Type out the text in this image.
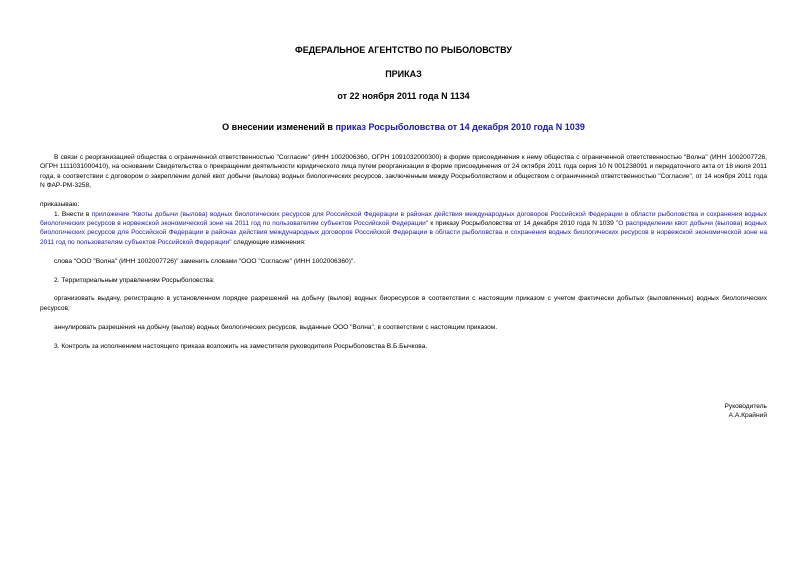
ФЕДЕРАЛЬНОЕ АГЕНТСТВО ПО РЫБОЛОВСТВУ
ПРИКАЗ
от 22 ноября 2011 года N 1134
О внесении изменений в приказ Росрыболовства от 14 декабря 2010 года N 1039

В связи с реорганизацией общества с ограниченной ответственностью "Согласие" (ИНН 1002006360, ОГРН 1091032000300) в форме присоединения к нему общества с ограниченной ответственностью "Волна" (ИНН 1002007726, ОГРН 1111031000410), на основании Свидетельства о прекращении деятельности юридического лица путем реорганизации в форме присоединения от 24 октября 2011 года серия 10 N 001238091 и передаточного акта от 18 июля 2011 года, в соответствии с договором о закреплении долей квот добычи (вылова) водных биологических ресурсов, заключенным между Росрыболовством и обществом с ограниченной ответственностью "Согласие", от 14 ноября 2011 года N ФАР-РМ-3258,

приказываю:

1. Внести в приложение "Квоты добычи (вылова) водных биологических ресурсов для Российской Федерации в районах действия международных договоров Российской Федерации в области рыболовства и сохранения водных биологических ресурсов в норвежской экономической зоне на 2011 год по пользователям субъектов Российской Федерации" к приказу Росрыболовства от 14 декабря 2010 года N 1039 "О распределении квот добычи (вылова) водных биологических ресурсов для Российской Федерации в районах действия международных договоров Российской Федерации в области рыболовства и сохранения водных биологических ресурсов в норвежской экономической зоне на 2011 год по пользователям субъектов Российской Федерации" следующие изменения:

слова "ООО "Волна" (ИНН 1002007726)" заменить словами "ООО "Согласие" (ИНН 1002006360)".

2. Территориальным управлениям Росрыболовства:

организовать выдачу, регистрацию в установленном порядке разрешений на добычу (вылов) водных биоресурсов в соответствии с настоящим приказом с учетом фактически добытых (выловленных) водных биологических ресурсов;

аннулировать разрешения на добычу (вылов) водных биологических ресурсов, выданные ООО "Волна", в соответствии с настоящим приказом.

3. Контроль за исполнением настоящего приказа возложить на заместителя руководителя Росрыболовства В.Б.Бычкова.

Руководитель
А.А.Крайний
